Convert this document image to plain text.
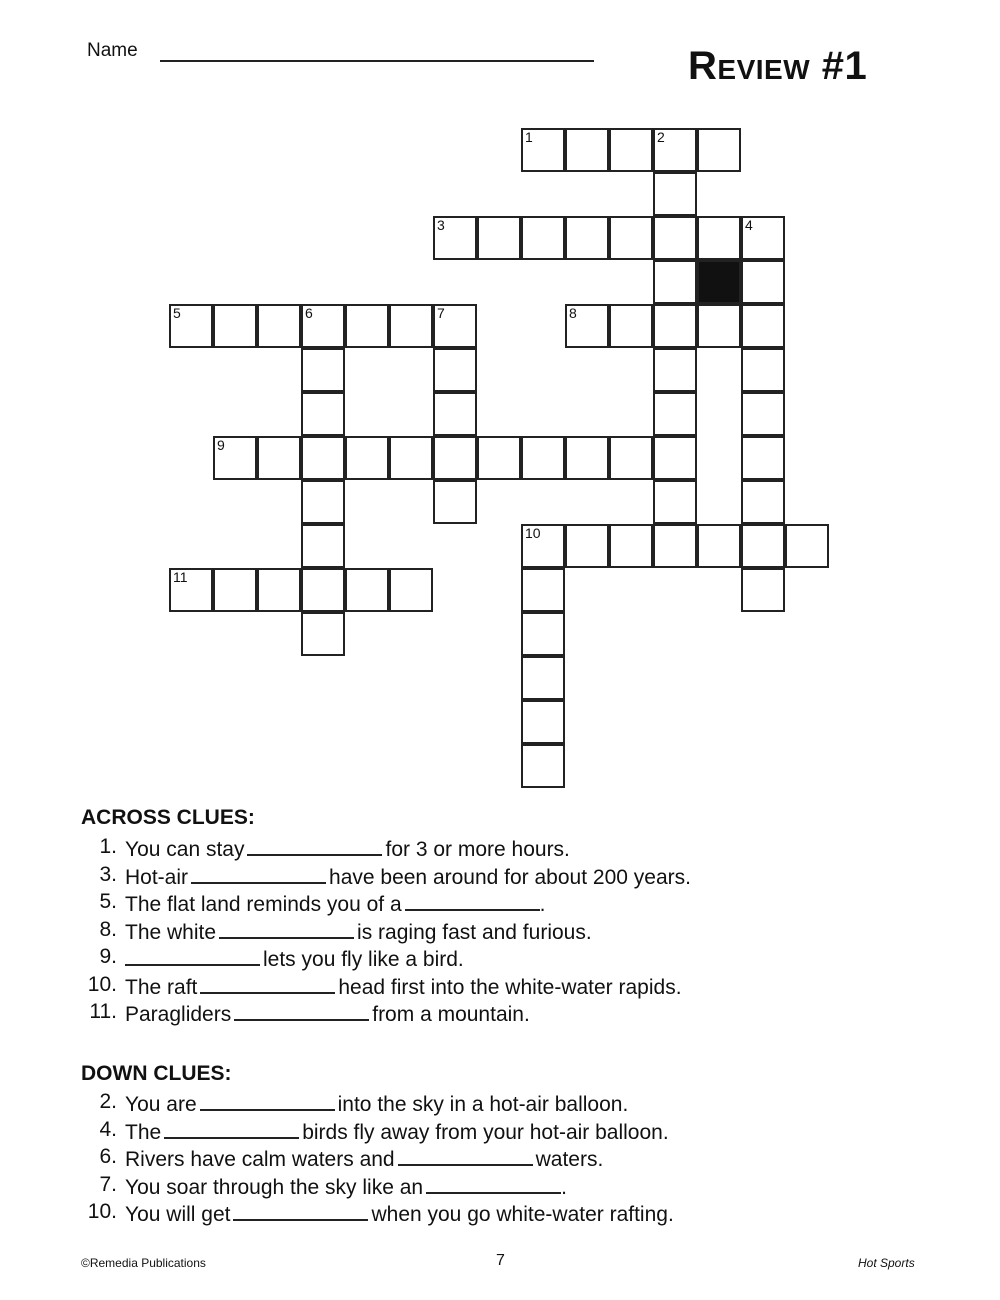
Name	Review #1
1	2
3	4
5	6	7	8
9
10
11
ACROSS CLUES:
1. You can stay	for 3 or more hours.
3. Hot-air	have been around for about 200 years.
5. The flat land reminds you of a	.
8. The white	is raging fast and furious.
9.	lets you fly like a bird.
10. The raft	head first into the white-water rapids.
11. Paragliders	from a mountain.
DOWN CLUES:
2. You are	into the sky in a hot-air balloon.
4. The	birds fly away from your hot-air balloon.
6. Rivers have calm waters and	waters.
7. You soar through the sky like an	.
10. You will get	when you go white-water rafting.
©Remedia Publications	7	Hot Sports
